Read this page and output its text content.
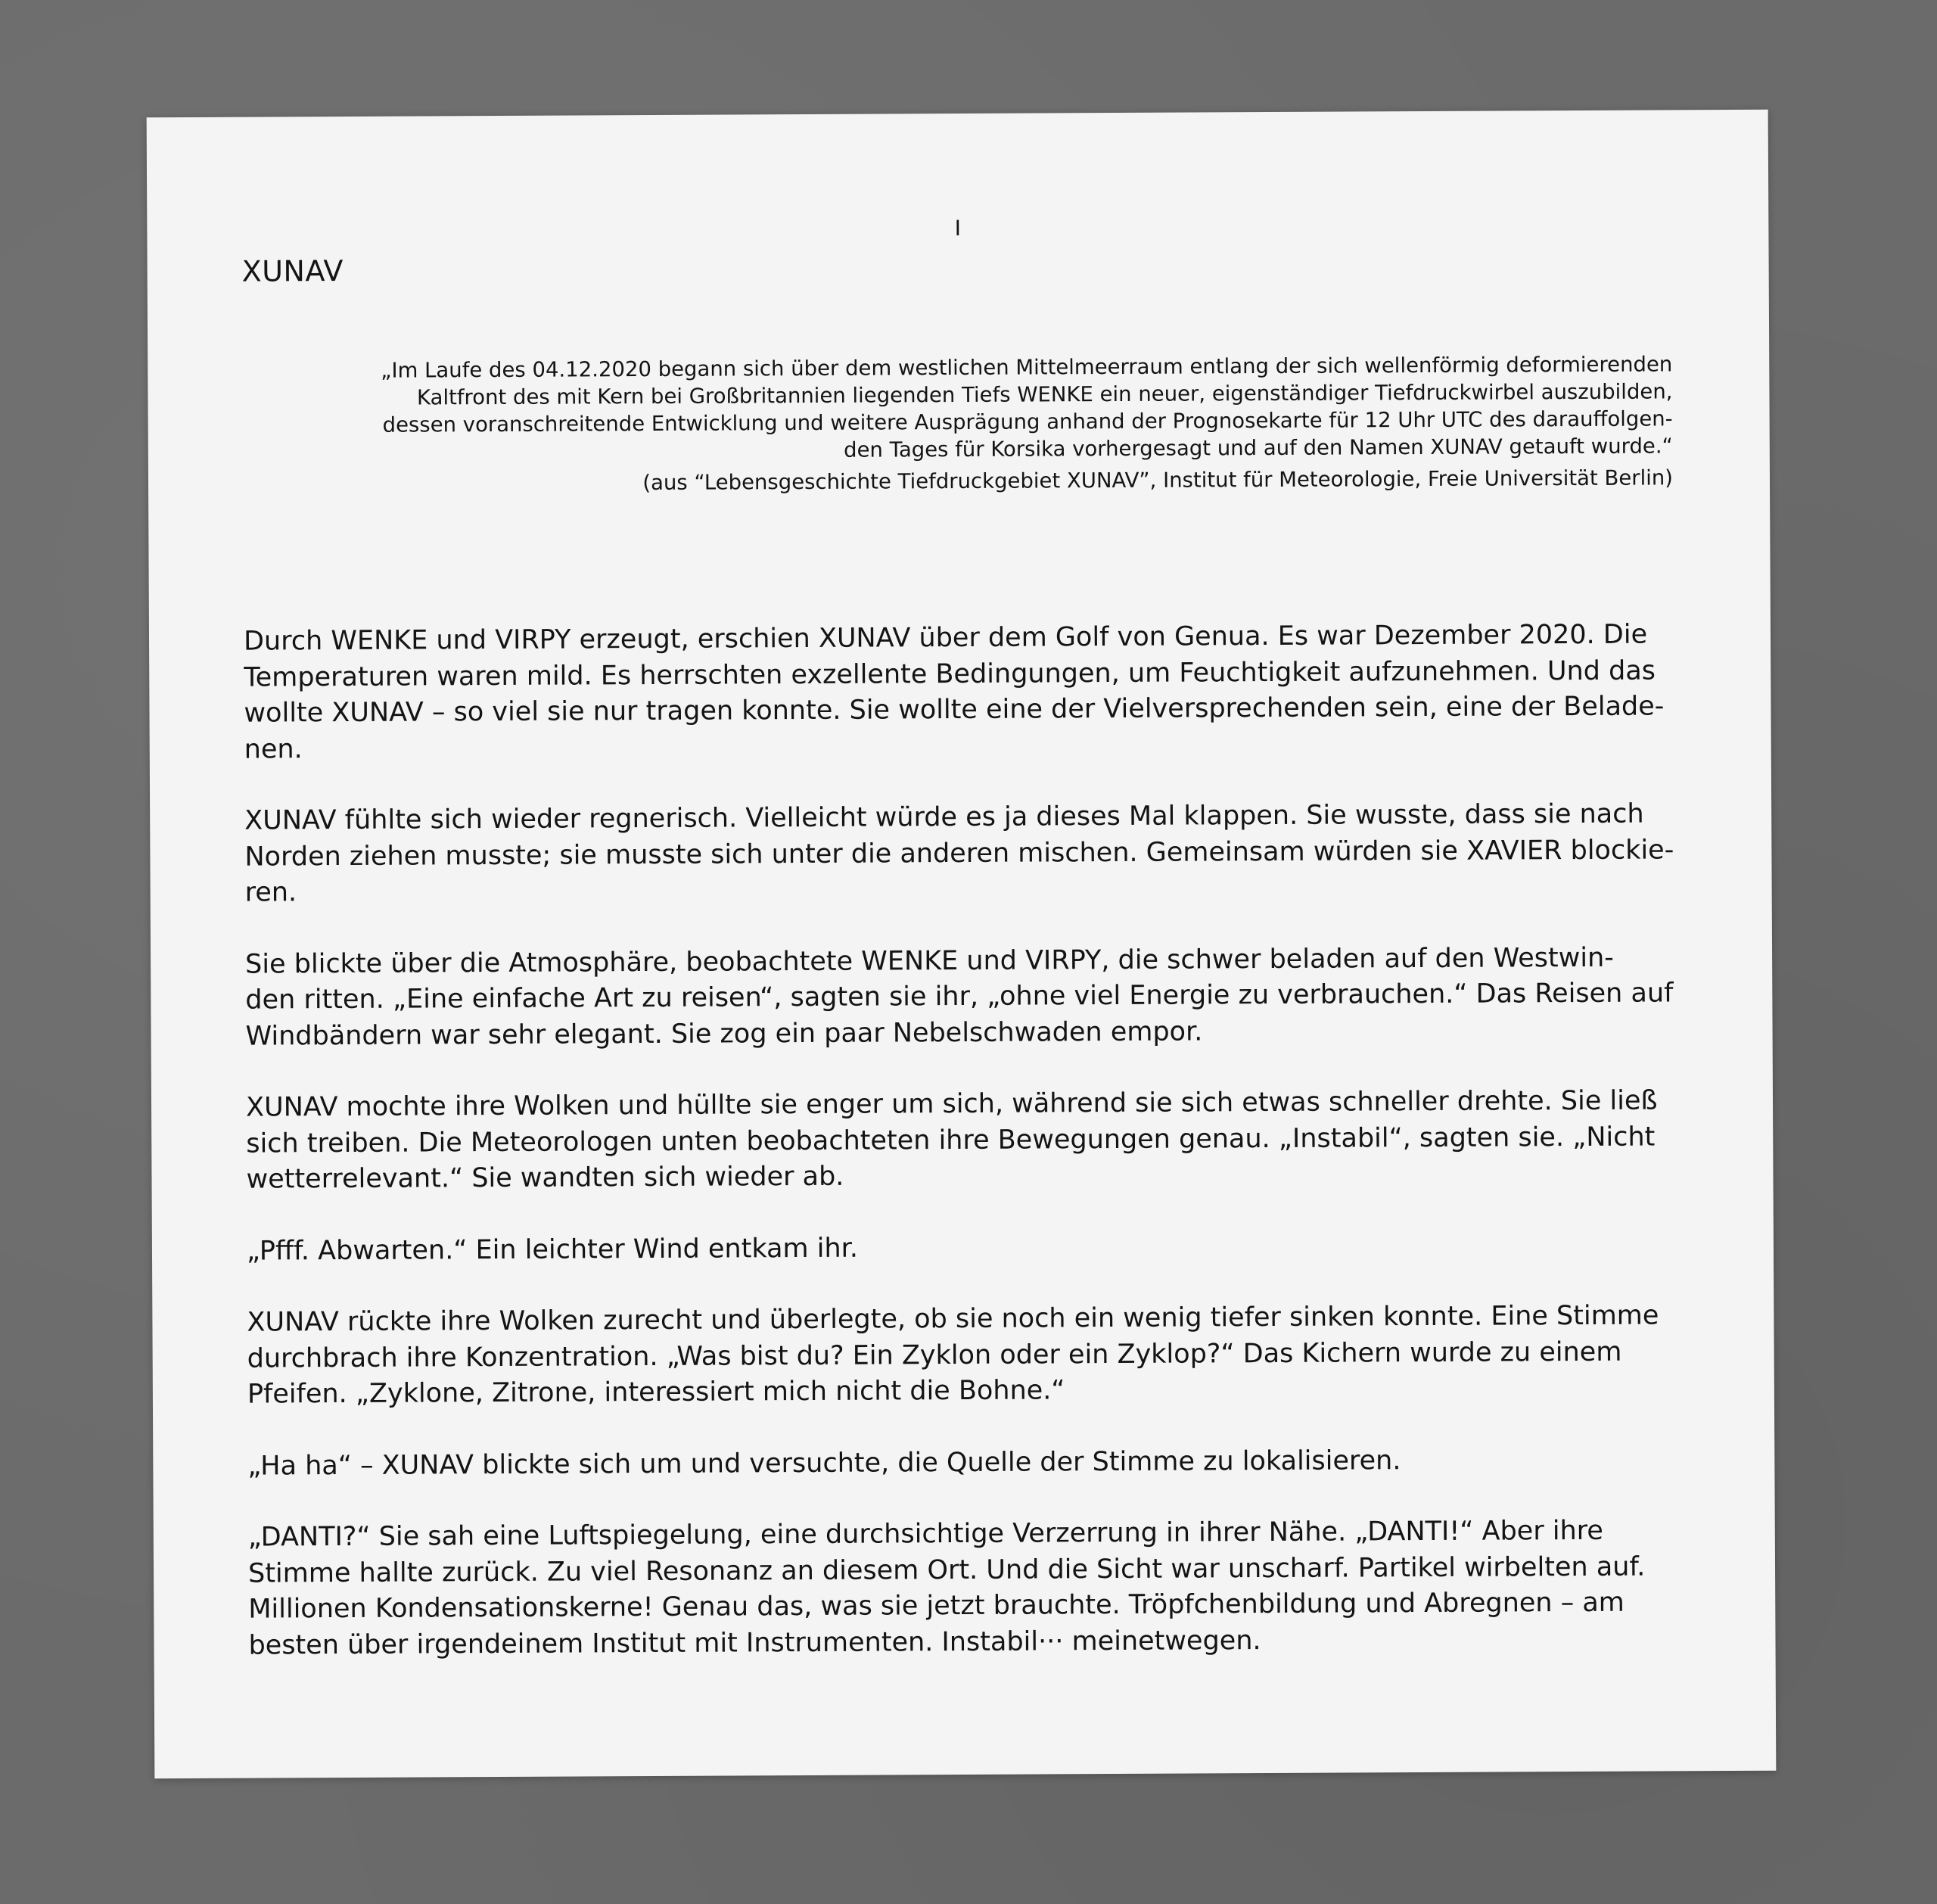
I
XUNAV
„Im Laufe des 04.12.2020 begann sich über dem westlichen Mittelmeerraum entlang der sich wellenförmig deformierenden
Kaltfront des mit Kern bei Großbritannien liegenden Tiefs WENKE ein neuer, eigenständiger Tiefdruckwirbel auszubilden,
dessen voranschreitende Entwicklung und weitere Ausprägung anhand der Prognosekarte für 12 Uhr UTC des darauffolgen-
den Tages für Korsika vorhergesagt und auf den Namen XUNAV getauft wurde.“
(aus “Lebensgeschichte Tiefdruckgebiet XUNAV”, Institut für Meteorologie, Freie Universität Berlin)

Durch WENKE und VIRPY erzeugt, erschien XUNAV über dem Golf von Genua. Es war Dezember 2020. Die
Temperaturen waren mild. Es herrschten exzellente Bedingungen, um Feuchtigkeit aufzunehmen. Und das
wollte XUNAV – so viel sie nur tragen konnte. Sie wollte eine der Vielversprechenden sein, eine der Belade-
nen.

XUNAV fühlte sich wieder regnerisch. Vielleicht würde es ja dieses Mal klappen. Sie wusste, dass sie nach
Norden ziehen musste; sie musste sich unter die anderen mischen. Gemeinsam würden sie XAVIER blockie-
ren.

Sie blickte über die Atmosphäre, beobachtete WENKE und VIRPY, die schwer beladen auf den Westwin-
den ritten. „Eine einfache Art zu reisen“, sagten sie ihr, „ohne viel Energie zu verbrauchen.“ Das Reisen auf
Windbändern war sehr elegant. Sie zog ein paar Nebelschwaden empor.

XUNAV mochte ihre Wolken und hüllte sie enger um sich, während sie sich etwas schneller drehte. Sie ließ
sich treiben. Die Meteorologen unten beobachteten ihre Bewegungen genau. „Instabil“, sagten sie. „Nicht
wetterrelevant.“ Sie wandten sich wieder ab.

„Pfff. Abwarten.“ Ein leichter Wind entkam ihr.

XUNAV rückte ihre Wolken zurecht und überlegte, ob sie noch ein wenig tiefer sinken konnte. Eine Stimme
durchbrach ihre Konzentration. „Was bist du? Ein Zyklon oder ein Zyklop?“ Das Kichern wurde zu einem
Pfeifen. „Zyklone, Zitrone, interessiert mich nicht die Bohne.“

„Ha ha“ – XUNAV blickte sich um und versuchte, die Quelle der Stimme zu lokalisieren.

„DANTI?“ Sie sah eine Luftspiegelung, eine durchsichtige Verzerrung in ihrer Nähe. „DANTI!“ Aber ihre
Stimme hallte zurück. Zu viel Resonanz an diesem Ort. Und die Sicht war unscharf. Partikel wirbelten auf.
Millionen Kondensationskerne! Genau das, was sie jetzt brauchte. Tröpfchenbildung und Abregnen – am
besten über irgendeinem Institut mit Instrumenten. Instabil··· meinetwegen.
